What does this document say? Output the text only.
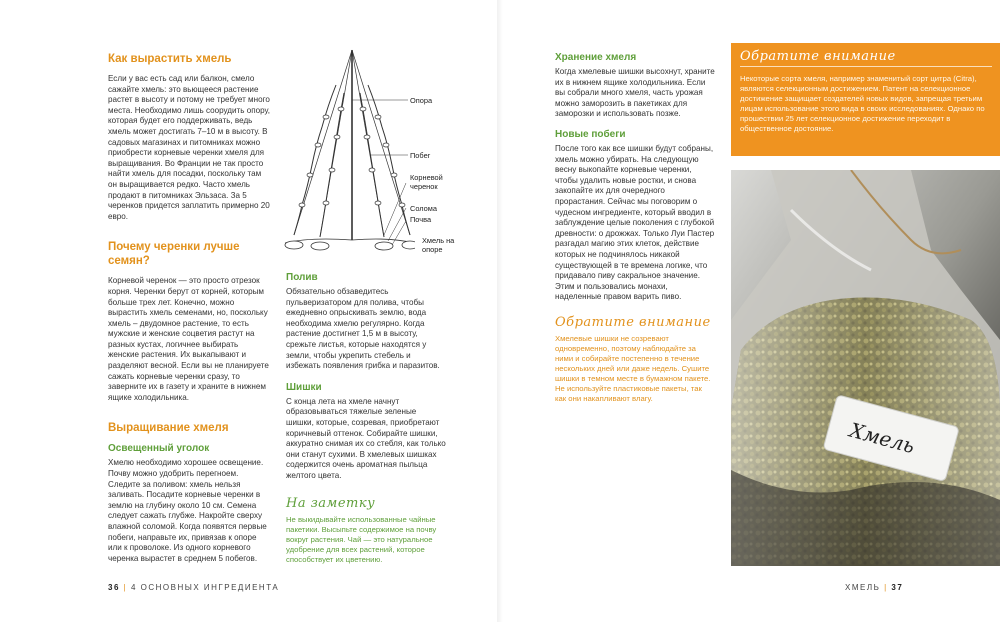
Как вырастить хмель

Если у вас есть сад или балкон, смело сажайте хмель: это вьющееся растение растет в высоту и потому не требует много места. Необходимо лишь соорудить опору, которая будет его поддерживать, ведь хмель может достигать 7–10 м в высоту. В садовых магазинах и питомниках можно приобрести корневые черенки хмеля для выращивания. Во Франции не так просто найти хмель для посадки, поскольку там он выращивается редко. Часто хмель продают в питомниках Эльзаса. За 5 черенков придется заплатить примерно 20 евро.

Почему черенки лучше семян?

Корневой черенок — это просто отрезок корня. Черенки берут от корней, которым больше трех лет. Конечно, можно вырастить хмель семенами, но, поскольку хмель – двудомное растение, то есть мужские и женские соцветия растут на разных кустах, логичнее выбирать женские растения. Их выкапывают и разделяют весной. Если вы не планируете сажать корневые черенки сразу, то заверните их в газету и храните в нижнем ящике холодильника.

Выращивание хмеля

Освещенный уголок

Хмелю необходимо хорошее освещение. Почву можно удобрить перегноем. Следите за поливом: хмель нельзя заливать. Посадите корневые черенки в землю на глубину около 10 см. Семена следует сажать глубже. Накройте сверху влажной соломой. Когда появятся первые побеги, направьте их, привязав к опоре или к проволоке. Из одного корневого черенка вырастет в среднем 5 побегов.

Опора
Побег
Корневой черенок
Солома
Почва
Хмель на опоре

Полив

Обязательно обзаведитесь пульверизатором для полива, чтобы ежедневно опрыскивать землю, вода необходима хмелю регулярно. Когда растение достигнет 1,5 м в высоту, срежьте листья, которые находятся у земли, чтобы укрепить стебель и избежать появления грибка и паразитов.

Шишки

С конца лета на хмеле начнут образовываться тяжелые зеленые шишки, которые, созревая, приобретают коричневый оттенок. Собирайте шишки, аккуратно снимая их со стебля, как только они станут сухими. В хмелевых шишках содержится очень ароматная пыльца желтого цвета.

На заметку

Не выкидывайте использованные чайные пакетики. Высыпьте содержимое на почву вокруг растения. Чай — это натуральное удобрение для всех растений, которое способствует их цветению.

36 | 4 ОСНОВНЫХ ИНГРЕДИЕНТА

Хранение хмеля

Когда хмелевые шишки высохнут, храните их в нижнем ящике холодильника. Если вы собрали много хмеля, часть урожая можно заморозить в пакетиках для заморозки и использовать позже.

Новые побеги

После того как все шишки будут собраны, хмель можно убирать. На следующую весну выкопайте корневые черенки, чтобы удалить новые ростки, и снова закопайте их для очередного прорастания. Сейчас мы поговорим о чудесном ингредиенте, который вводил в заблуждение целые поколения с глубокой древности: о дрожжах. Только Луи Пастер разгадал магию этих клеток, действие которых не подчинялось никакой существующей в те времена логике, что придавало пиву сакральное значение. Этим и пользовались монахи, наделенные правом варить пиво.

Обратите внимание

Хмелевые шишки не созревают одновременно, поэтому наблюдайте за ними и собирайте постепенно в течение нескольких дней или даже недель. Сушите шишки в темном месте в бумажном пакете. Не используйте пластиковые пакеты, так как они накапливают влагу.

Обратите внимание

Некоторые сорта хмеля, например знаменитый сорт цитра (Citra), являются селекционным достижением. Патент на селекционное достижение защищает создателей новых видов, запрещая третьим лицам использование этого вида в своих исследованиях. Однако по прошествии 25 лет селекционное достижение переходит в общественное достояние.

Хмель
ХМЕЛЬ | 37
